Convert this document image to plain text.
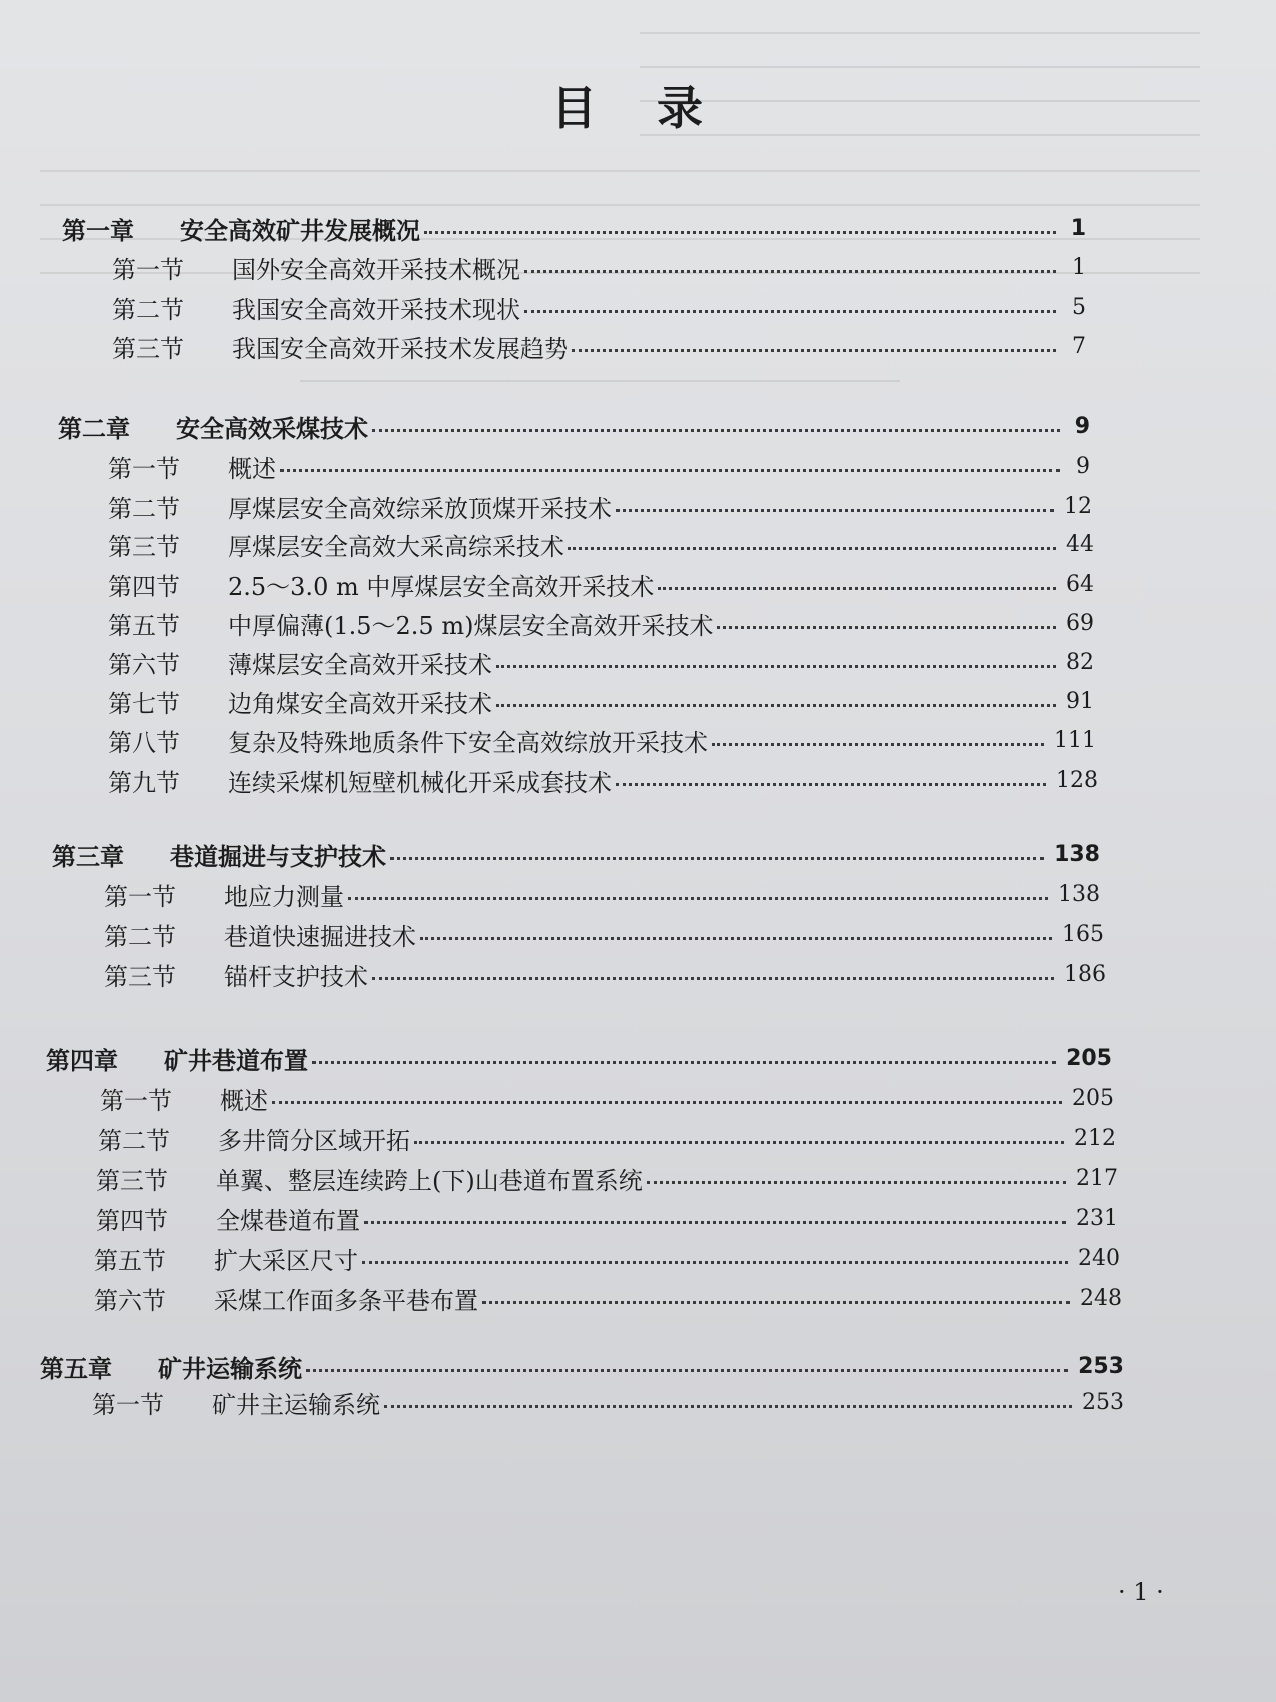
目 录
第一章	安全高效矿井发展概况	1
第一节	国外安全高效开采技术概况	1
第二节	我国安全高效开采技术现状	5
第三节	我国安全高效开采技术发展趋势	7
第二章	安全高效采煤技术	9
第一节	概述	9
第二节	厚煤层安全高效综采放顶煤开采技术	12
第三节	厚煤层安全高效大采高综采技术	44
第四节	2.5～3.0 m 中厚煤层安全高效开采技术	64
第五节	中厚偏薄(1.5～2.5 m)煤层安全高效开采技术	69
第六节	薄煤层安全高效开采技术	82
第七节	边角煤安全高效开采技术	91
第八节	复杂及特殊地质条件下安全高效综放开采技术	111
第九节	连续采煤机短壁机械化开采成套技术	128
第三章	巷道掘进与支护技术	138
第一节	地应力测量	138
第二节	巷道快速掘进技术	165
第三节	锚杆支护技术	186
第四章	矿井巷道布置	205
第一节	概述	205
第二节	多井筒分区域开拓	212
第三节	单翼、整层连续跨上(下)山巷道布置系统	217
第四节	全煤巷道布置	231
第五节	扩大采区尺寸	240
第六节	采煤工作面多条平巷布置	248
第五章	矿井运输系统	253
第一节	矿井主运输系统	253
· 1 ·
